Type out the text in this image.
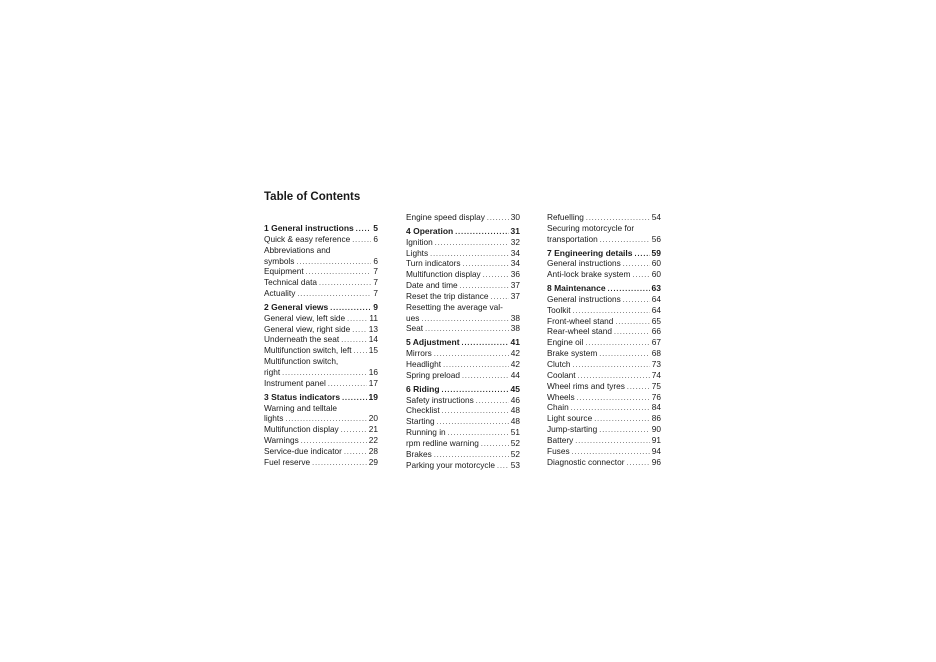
Table of Contents
1 General instructions ..... 5
Quick & easy reference .....	6
Abbreviations and
symbols .....	6
Equipment .....	7
Technical data .....	7
Actuality .....	7
2 General views .....	9
General view, left side .....	11
General view, right side ..... 13
Underneath the seat .....	14
Multifunction switch, left ..... 15
Multifunction switch,
right .....	16
Instrument panel .....	17
3 Status indicators .....	19
Warning and telltale
lights .....	20
Multifunction display .....	21
Warnings .....	22
Service-due indicator .....	28
Fuel reserve .....	29
Engine speed display .....	30
4 Operation .....	31
Ignition .....	32
Lights .....	34
Turn indicators .....	34
Multifunction display .....	36
Date and time .....	37
Reset the trip distance .....	37
Resetting the average val-
ues .....	38
Seat .....	38
5 Adjustment .....	41
Mirrors .....	42
Headlight .....	42
Spring preload .....	44
6 Riding .....	45
Safety instructions .....	46
Checklist .....	48
Starting .....	48
Running in .....	51
rpm redline warning .....	52
Brakes .....	52
Parking your motorcycle ..... 53
Refuelling .....	54
Securing motorcycle for
transportation .....	56
7 Engineering details ..... 59
General instructions .....	60
Anti-lock brake system .....	60
8 Maintenance .....	63
General instructions .....	64
Toolkit .....	64
Front-wheel stand .....	65
Rear-wheel stand .....	66
Engine oil .....	67
Brake system .....	68
Clutch .....	73
Coolant .....	74
Wheel rims and tyres .....	75
Wheels .....	76
Chain .....	84
Light source .....	86
Jump-starting .....	90
Battery .....	91
Fuses .....	94
Diagnostic connector .....	96
